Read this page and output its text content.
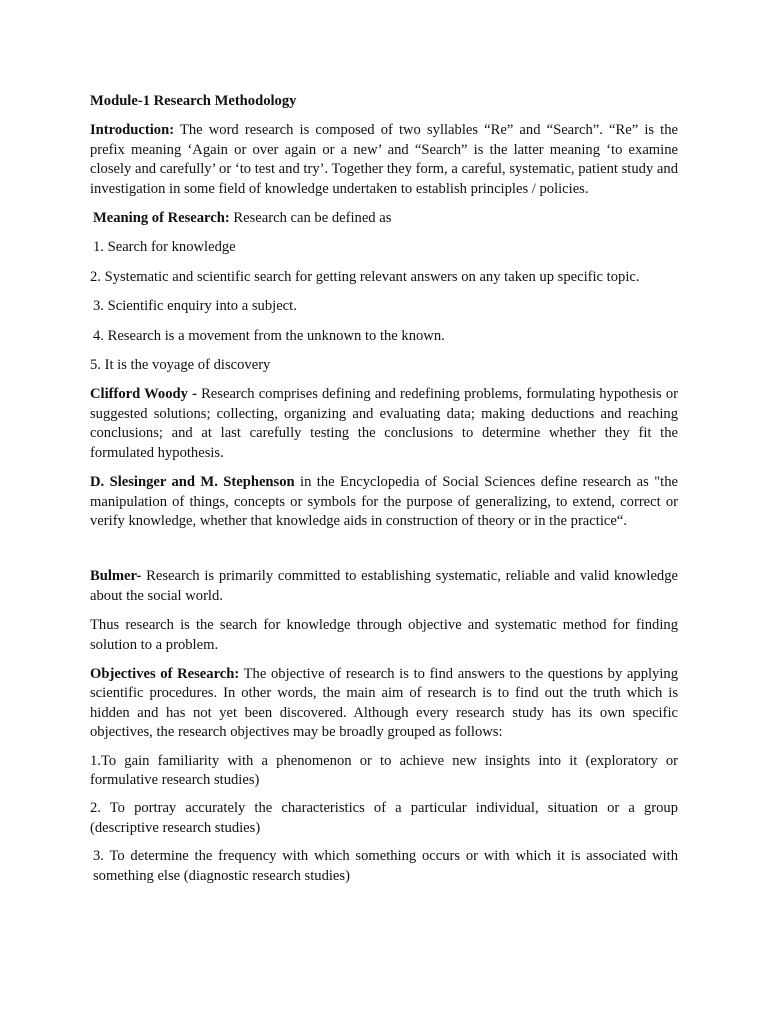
Module-1 Research Methodology

Introduction: The word research is composed of two syllables “Re” and “Search”. “Re” is the prefix meaning ‘Again or over again or a new’ and “Search” is the latter meaning ‘to examine closely and carefully’ or ‘to test and try’. Together they form, a careful, systematic, patient study and investigation in some field of knowledge undertaken to establish principles / policies.

Meaning of Research: Research can be defined as

1. Search for knowledge

2. Systematic and scientific search for getting relevant answers on any taken up specific topic.

3. Scientific enquiry into a subject.

4. Research is a movement from the unknown to the known.

5. It is the voyage of discovery

Clifford Woody - Research comprises defining and redefining problems, formulating hypothesis or suggested solutions; collecting, organizing and evaluating data; making deductions and reaching conclusions; and at last carefully testing the conclusions to determine whether they fit the formulated hypothesis.

D. Slesinger and M. Stephenson in the Encyclopedia of Social Sciences define research as "the manipulation of things, concepts or symbols for the purpose of generalizing, to extend, correct or verify knowledge, whether that knowledge aids in construction of theory or in the practice“.

Bulmer- Research is primarily committed to establishing systematic, reliable and valid knowledge about the social world.

Thus research is the search for knowledge through objective and systematic method for finding solution to a problem.

Objectives of Research: The objective of research is to find answers to the questions by applying scientific procedures. In other words, the main aim of research is to find out the truth which is hidden and has not yet been discovered. Although every research study has its own specific objectives, the research objectives may be broadly grouped as follows:

1.To gain familiarity with a phenomenon or to achieve new insights into it (exploratory or formulative research studies)

2. To portray accurately the characteristics of a particular individual, situation or a group (descriptive research studies)

3. To determine the frequency with which something occurs or with which it is associated with something else (diagnostic research studies)
